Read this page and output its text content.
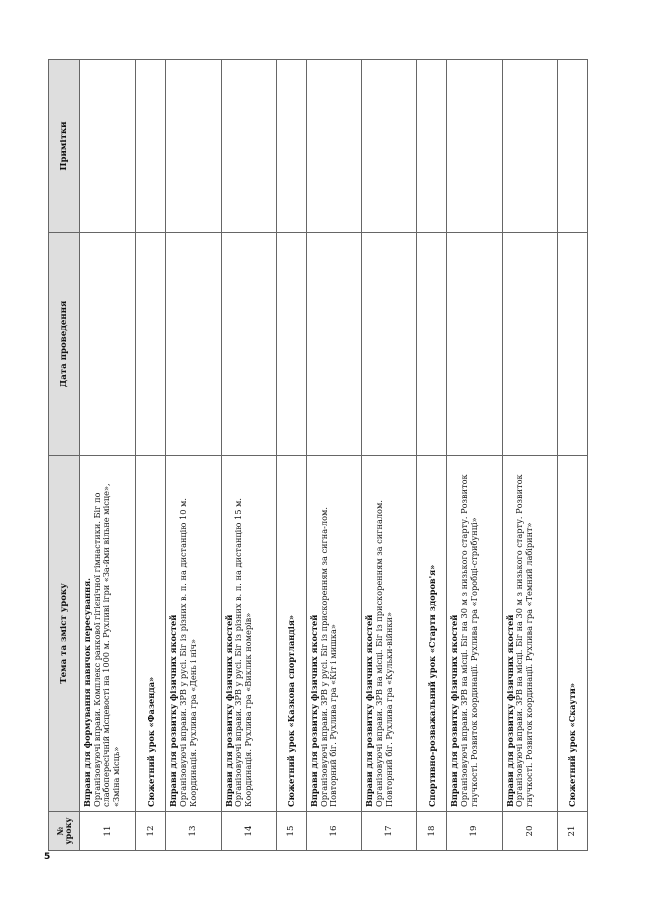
5
№ уроку	Тема та зміст уроку	Дата проведення	Примітки
11	Вправи для формування навичок пересування. Організовуючі вправи. Комплекс ранкової гігієнічної гімнастики. Біг по слабопересічній місцевості на 1000 м. Рухливі ігри «За-йми вільне місце», «Зміна місць»		

12	Сюжетний урок «Фазенда»		

13	Вправи для розвитку фізичних якостей Організовуючі вправи. ЗРВ у русі. Біг із різних в. п. на дистанцію 10 м. Координація. Рухлива гра «День і ніч»		

14	Вправи для розвитку фізичних якостей Організовуючі вправи. ЗРВ у русі. Біг із різних в. п. на дистанцію 15 м. Координація. Рухлива гра «Виклик номерів»		

15	Сюжетний урок «Казкова спортландія»		

16	Вправи для розвитку фізичних якостей Організовуючі вправи. ЗРВ у русі. Біг із прискоренням за сигна-лом. Повторний біг. Рухлива гра «Кіт і мишка»		

17	Вправи для розвитку фізичних якостей Організовуючі вправи. ЗРВ на місці. Біг із прискоренням за сигналом. Повторний біг. Рухлива гра «Кульки-війнки»		

18	Спортивно-розважальний урок «Старти здоров'я»		

19	Вправи для розвитку фізичних якостей Організовуючі вправи. ЗРВ на місці. Біг на 30 м з низького старту. Розвиток гнучкості. Розвиток координації. Рухлива гра «Горобці-стрибунці»		

20	Вправи для розвитку фізичних якостей Організовуючі вправи. ЗРВ на місці. Біг на 30 м з низького старту. Розвиток гнучкості. Розвиток координації. Рухлива гра «Темний лабіринт»		

21	Сюжетний урок «Скаути»		
